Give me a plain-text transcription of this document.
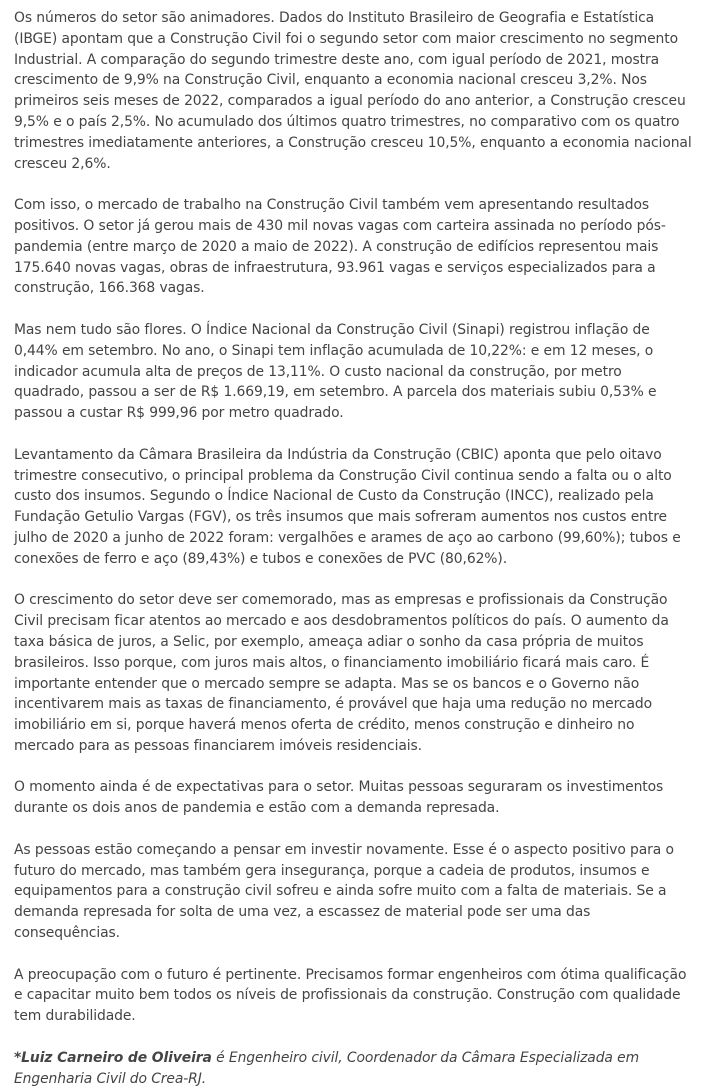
Os números do setor são animadores. Dados do Instituto Brasileiro de Geografia e Estatística (IBGE) apontam que a Construção Civil foi o segundo setor com maior crescimento no segmento Industrial. A comparação do segundo trimestre deste ano, com igual período de 2021, mostra crescimento de 9,9% na Construção Civil, enquanto a economia nacional cresceu 3,2%. Nos primeiros seis meses de 2022, comparados a igual período do ano anterior, a Construção cresceu 9,5% e o país 2,5%. No acumulado dos últimos quatro trimestres, no comparativo com os quatro trimestres imediatamente anteriores, a Construção cresceu 10,5%, enquanto a economia nacional cresceu 2,6%.

Com isso, o mercado de trabalho na Construção Civil também vem apresentando resultados positivos. O setor já gerou mais de 430 mil novas vagas com carteira assinada no período pós-pandemia (entre março de 2020 a maio de 2022). A construção de edifícios representou mais 175.640 novas vagas, obras de infraestrutura, 93.961 vagas e serviços especializados para a construção, 166.368 vagas.

Mas nem tudo são flores. O Índice Nacional da Construção Civil (Sinapi) registrou inflação de 0,44% em setembro. No ano, o Sinapi tem inflação acumulada de 10,22%: e em 12 meses, o indicador acumula alta de preços de 13,11%. O custo nacional da construção, por metro quadrado, passou a ser de R$ 1.669,19, em setembro. A parcela dos materiais subiu 0,53% e passou a custar R$ 999,96 por metro quadrado.

Levantamento da Câmara Brasileira da Indústria da Construção (CBIC) aponta que pelo oitavo trimestre consecutivo, o principal problema da Construção Civil continua sendo a falta ou o alto custo dos insumos. Segundo o Índice Nacional de Custo da Construção (INCC), realizado pela Fundação Getulio Vargas (FGV), os três insumos que mais sofreram aumentos nos custos entre julho de 2020 a junho de 2022 foram: vergalhões e arames de aço ao carbono (99,60%); tubos e conexões de ferro e aço (89,43%) e tubos e conexões de PVC (80,62%).

O crescimento do setor deve ser comemorado, mas as empresas e profissionais da Construção Civil precisam ficar atentos ao mercado e aos desdobramentos políticos do país. O aumento da taxa básica de juros, a Selic, por exemplo, ameaça adiar o sonho da casa própria de muitos brasileiros. Isso porque, com juros mais altos, o financiamento imobiliário ficará mais caro. É importante entender que o mercado sempre se adapta. Mas se os bancos e o Governo não incentivarem mais as taxas de financiamento, é provável que haja uma redução no mercado imobiliário em si, porque haverá menos oferta de crédito, menos construção e dinheiro no mercado para as pessoas financiarem imóveis residenciais.

O momento ainda é de expectativas para o setor. Muitas pessoas seguraram os investimentos durante os dois anos de pandemia e estão com a demanda represada.

As pessoas estão começando a pensar em investir novamente. Esse é o aspecto positivo para o futuro do mercado, mas também gera insegurança, porque a cadeia de produtos, insumos e equipamentos para a construção civil sofreu e ainda sofre muito com a falta de materiais. Se a demanda represada for solta de uma vez, a escassez de material pode ser uma das consequências.

A preocupação com o futuro é pertinente. Precisamos formar engenheiros com ótima qualificação e capacitar muito bem todos os níveis de profissionais da construção. Construção com qualidade tem durabilidade.

*Luiz Carneiro de Oliveira é Engenheiro civil, Coordenador da Câmara Especializada em Engenharia Civil do Crea-RJ.
